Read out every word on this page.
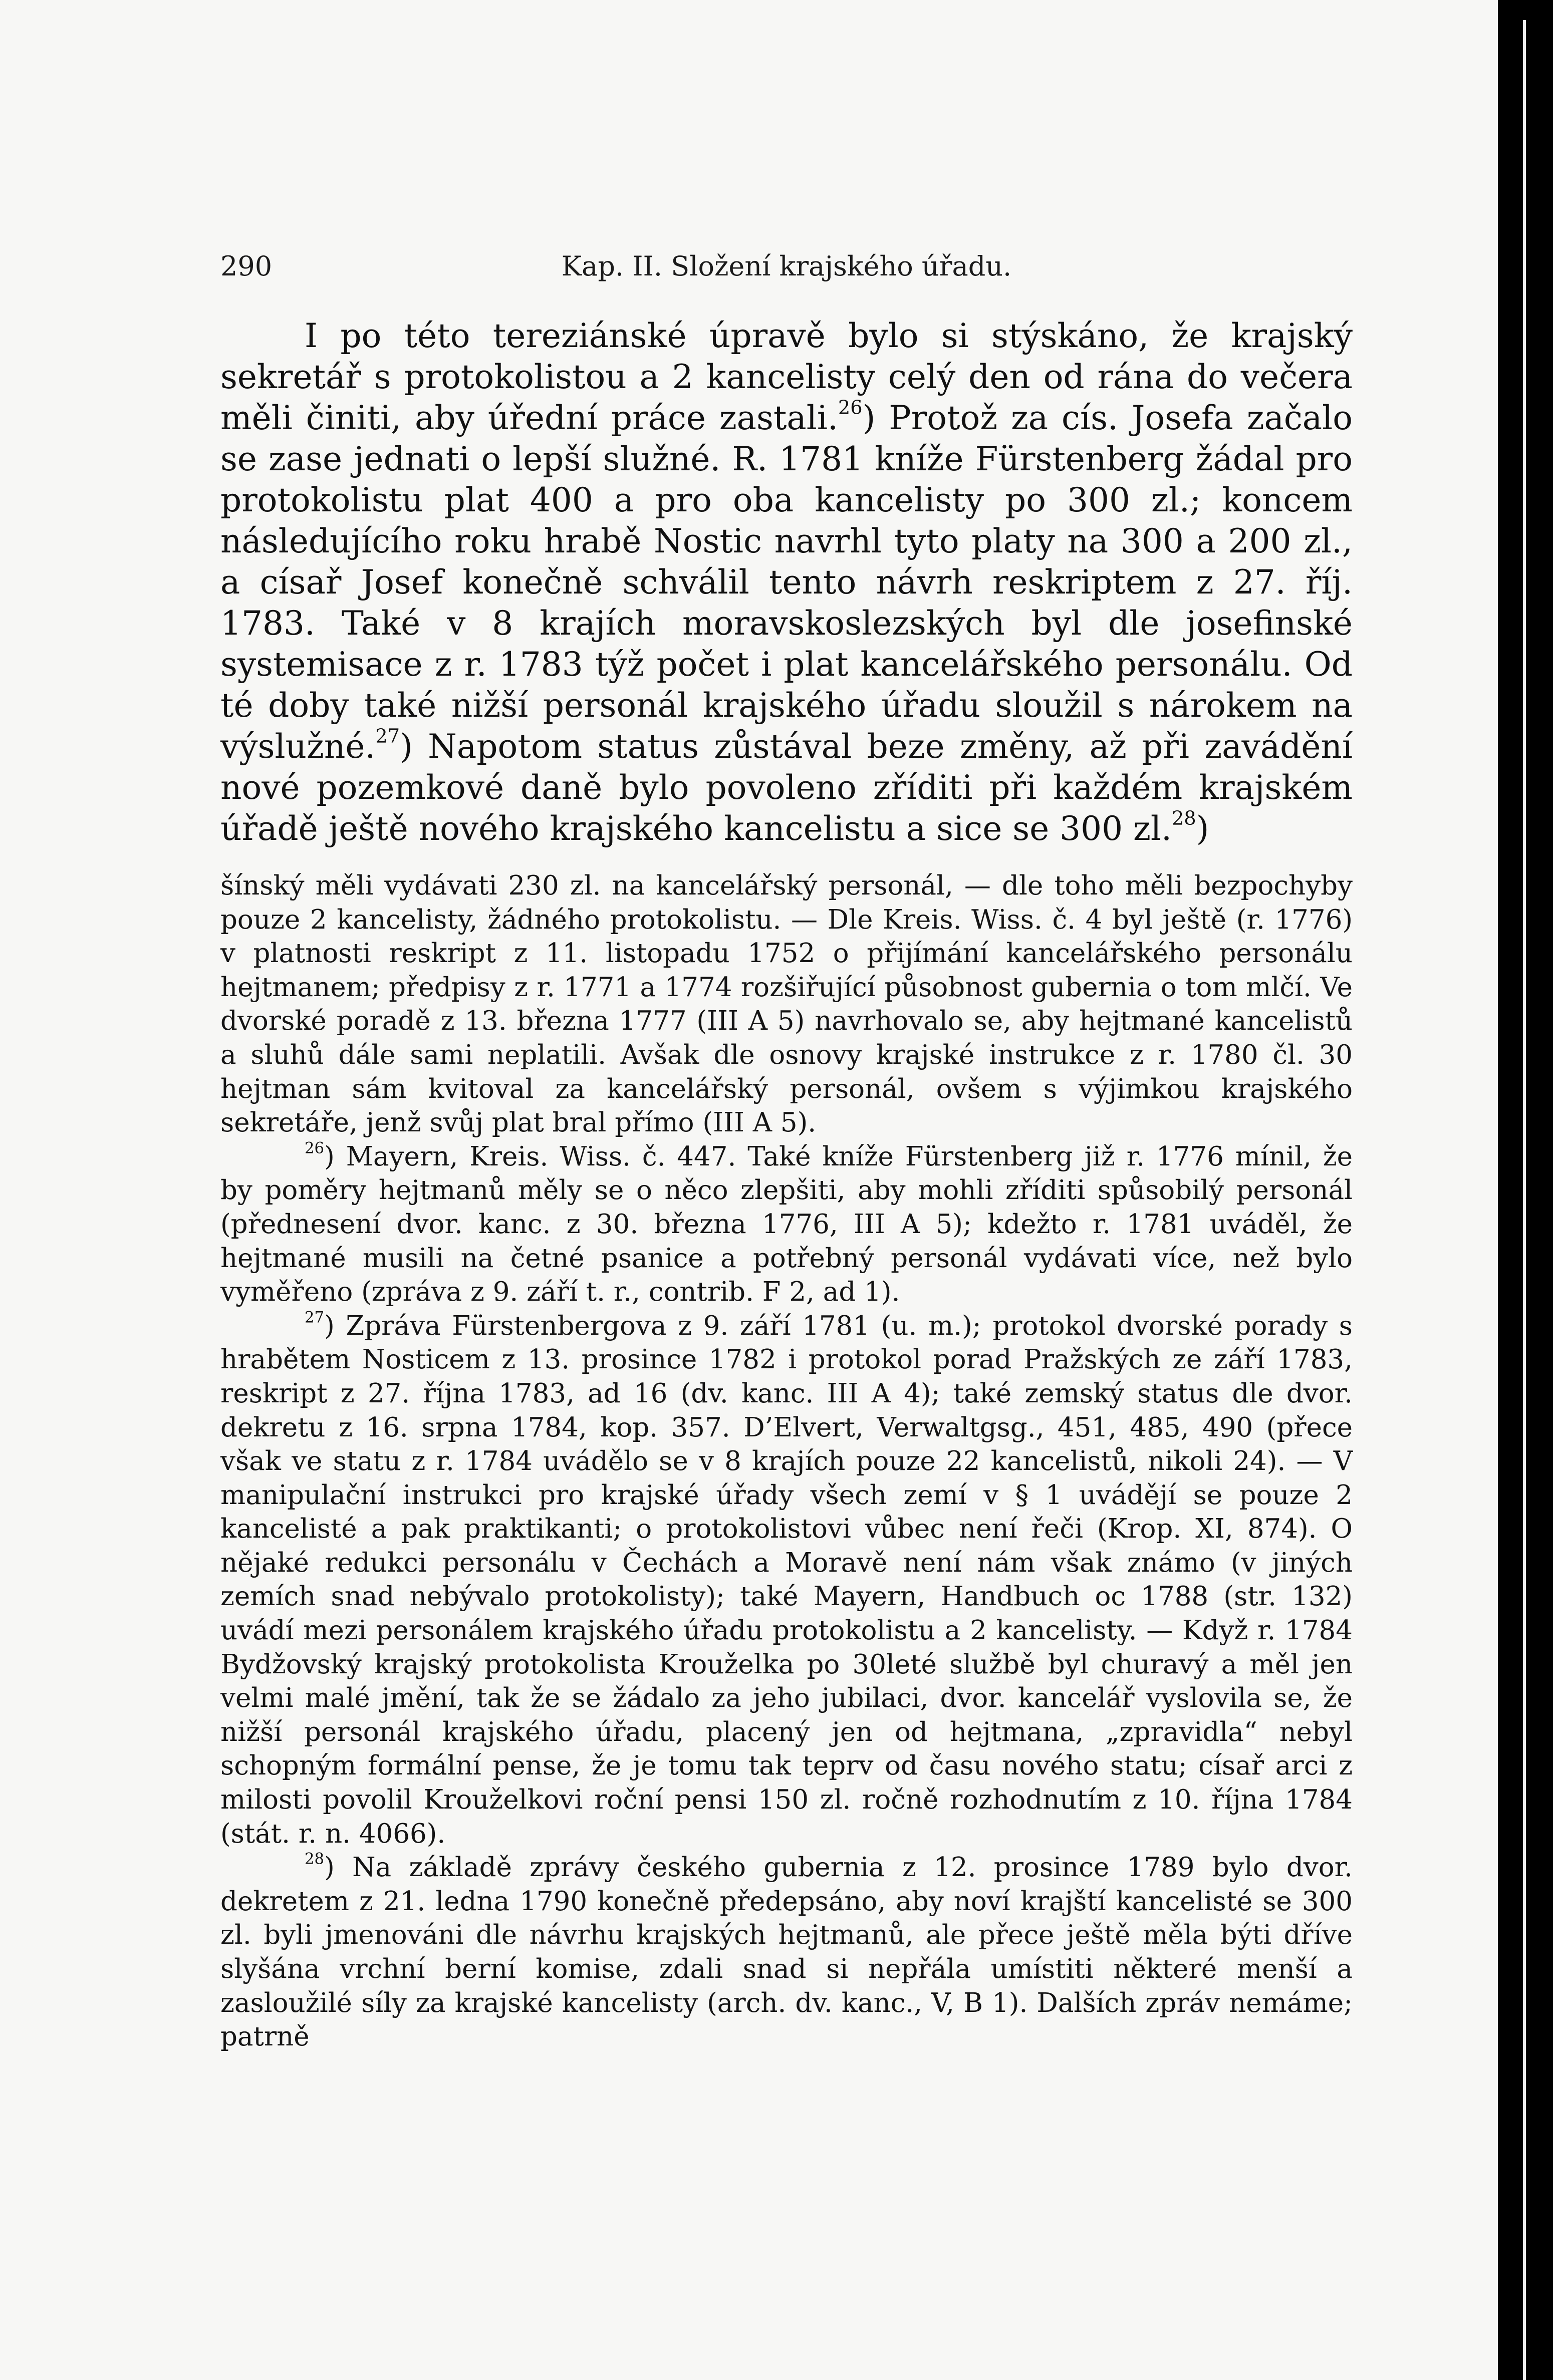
290	Kap. II. Složení krajského úřadu.

I po této tereziánské úpravě bylo si stýskáno, že krajský sekretář s protokolistou a 2 kancelisty celý den od rána do večera měli činiti, aby úřední práce zastali.$^{26}$) Protož za cís. Josefa začalo se zase jednati o lepší služné. R. 1781 kníže Fürstenberg žádal pro protokolistu plat 400 a pro oba kancelisty po 300 zl.; koncem následujícího roku hrabě Nostic navrhl tyto platy na 300 a 200 zl., a císař Josef konečně schválil tento návrh reskriptem z 27. říj. 1783. Také v 8 krajích moravskoslezských byl dle josefinské systemisace z r. 1783 týž počet i plat kancelářského personálu. Od té doby také nižší personál krajského úřadu sloužil s nárokem na výslužné.$^{27}$) Napotom status zůstával beze změny, až při zavádění nové pozemkové daně bylo povoleno zříditi při každém krajském úřadě ještě nového krajského kancelistu a sice se 300 zl.$^{28}$)

šínský měli vydávati 230 zl. na kancelářský personál, — dle toho měli bezpochyby pouze 2 kancelisty, žádného protokolistu. — Dle Kreis. Wiss. č. 4 byl ještě (r. 1776) v platnosti reskript z 11. listopadu 1752 o přijímání kancelářského personálu hejtmanem; předpisy z r. 1771 a 1774 rozšiřující působnost gubernia o tom mlčí. Ve dvorské poradě z 13. března 1777 (III A 5) navrhovalo se, aby hejtmané kancelistů a sluhů dále sami neplatili. Avšak dle osnovy krajské instrukce z r. 1780 čl. 30 hejtman sám kvitoval za kancelářský personál, ovšem s výjimkou krajského sekretáře, jenž svůj plat bral přímo (III A 5).

$^{26}$) Mayern, Kreis. Wiss. č. 447. Také kníže Fürstenberg již r. 1776 mínil, že by poměry hejtmanů měly se o něco zlepšiti, aby mohli zříditi spůsobilý personál (přednesení dvor. kanc. z 30. března 1776, III A 5); kdežto r. 1781 uváděl, že hejtmané musili na četné psanice a potřebný personál vydávati více, než bylo vyměřeno (zpráva z 9. září t. r., contrib. F 2, ad 1).

$^{27}$) Zpráva Fürstenbergova z 9. září 1781 (u. m.); protokol dvorské porady s hrabětem Nosticem z 13. prosince 1782 i protokol porad Pražských ze září 1783, reskript z 27. října 1783, ad 16 (dv. kanc. III A 4); také zemský status dle dvor. dekretu z 16. srpna 1784, kop. 357. D’Elvert, Verwaltgsg., 451, 485, 490 (přece však ve statu z r. 1784 uvádělo se v 8 krajích pouze 22 kancelistů, nikoli 24). — V manipulační instrukci pro krajské úřady všech zemí v § 1 uvádějí se pouze 2 kancelisté a pak praktikanti; o protokolistovi vůbec není řeči (Krop. XI, 874). O nějaké redukci personálu v Čechách a Moravě není nám však známo (v jiných zemích snad nebývalo protokolisty); také Mayern, Handbuch oc 1788 (str. 132) uvádí mezi personálem krajského úřadu protokolistu a 2 kancelisty. — Když r. 1784 Bydžovský krajský protokolista Krouželka po 30leté službě byl churavý a měl jen velmi malé jmění, tak že se žádalo za jeho jubilaci, dvor. kancelář vyslovila se, že nižší personál krajského úřadu, placený jen od hejtmana, „zpravidla“ nebyl schopným formální pense, že je tomu tak teprv od času nového statu; císař arci z milosti povolil Krouželkovi roční pensi 150 zl. ročně rozhodnutím z 10. října 1784 (stát. r. n. 4066).

$^{28}$) Na základě zprávy českého gubernia z 12. prosince 1789 bylo dvor. dekretem z 21. ledna 1790 konečně předepsáno, aby noví krajští kancelisté se 300 zl. byli jmenováni dle návrhu krajských hejtmanů, ale přece ještě měla býti dříve slyšána vrchní berní komise, zdali snad si nepřála umístiti některé menší a zasloužilé síly za krajské kancelisty (arch. dv. kanc., V, B 1). Dalších zpráv nemáme; patrně
